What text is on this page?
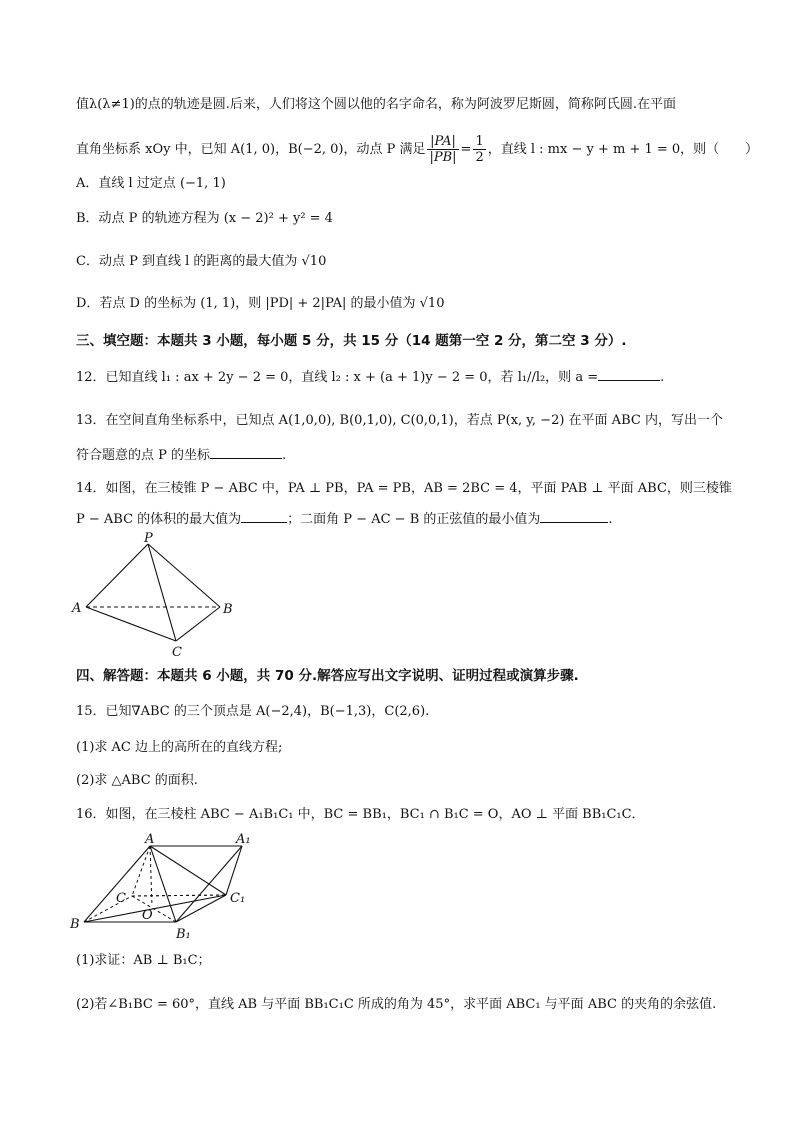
值λ(λ≠1)的点的轨迹是圆.后来，人们将这个圆以他的名字命名，称为阿波罗尼斯圆，简称阿氏圆.在平面
直角坐标系 xOy 中，已知 A(1, 0)，B(−2, 0)，动点 P 满足 $\frac{|PA|}{|PB|} = \frac{1}{2}$ ，直线 l : mx − y + m + 1 = 0，则（　　）
A．直线 l 过定点 (−1, 1)
B．动点 P 的轨迹方程为 (x − 2)² + y² = 4
C．动点 P 到直线 l 的距离的最大值为 √10
D．若点 D 的坐标为 (1, 1)，则 |PD| + 2|PA| 的最小值为 √10
三、填空题：本题共 3 小题，每小题 5 分，共 15 分（14 题第一空 2 分，第二空 3 分）.
12．已知直线 l₁ : ax + 2y − 2 = 0，直线 l₂ : x + (a + 1)y − 2 = 0，若 l₁//l₂，则 a =	.
13．在空间直角坐标系中，已知点 A(1,0,0), B(0,1,0), C(0,0,1)，若点 P(x, y, −2) 在平面 ABC 内，写出一个
符合题意的点 P 的坐标	.
14．如图，在三棱锥 P − ABC 中，PA ⊥ PB，PA = PB，AB = 2BC = 4，平面 PAB ⊥ 平面 ABC，则三棱锥
P − ABC 的体积的最大值为	；二面角 P − AC − B 的正弦值的最小值为	.
P
A	B
C
四、解答题：本题共 6 小题，共 70 分.解答应写出文字说明、证明过程或演算步骤.
15．已知∇ABC 的三个顶点是 A(−2,4)，B(−1,3)，C(2,6).
(1)求 AC 边上的高所在的直线方程;
(2)求 △ABC 的面积.
16．如图，在三棱柱 ABC − A₁B₁C₁ 中，BC = BB₁，BC₁ ∩ B₁C = O，AO ⊥ 平面 BB₁C₁C．
A	A₁
C	C₁
O
B
B₁
(1)求证：AB ⊥ B₁C；
(2)若∠B₁BC = 60°，直线 AB 与平面 BB₁C₁C 所成的角为 45°，求平面 ABC₁ 与平面 ABC 的夹角的余弦值.
